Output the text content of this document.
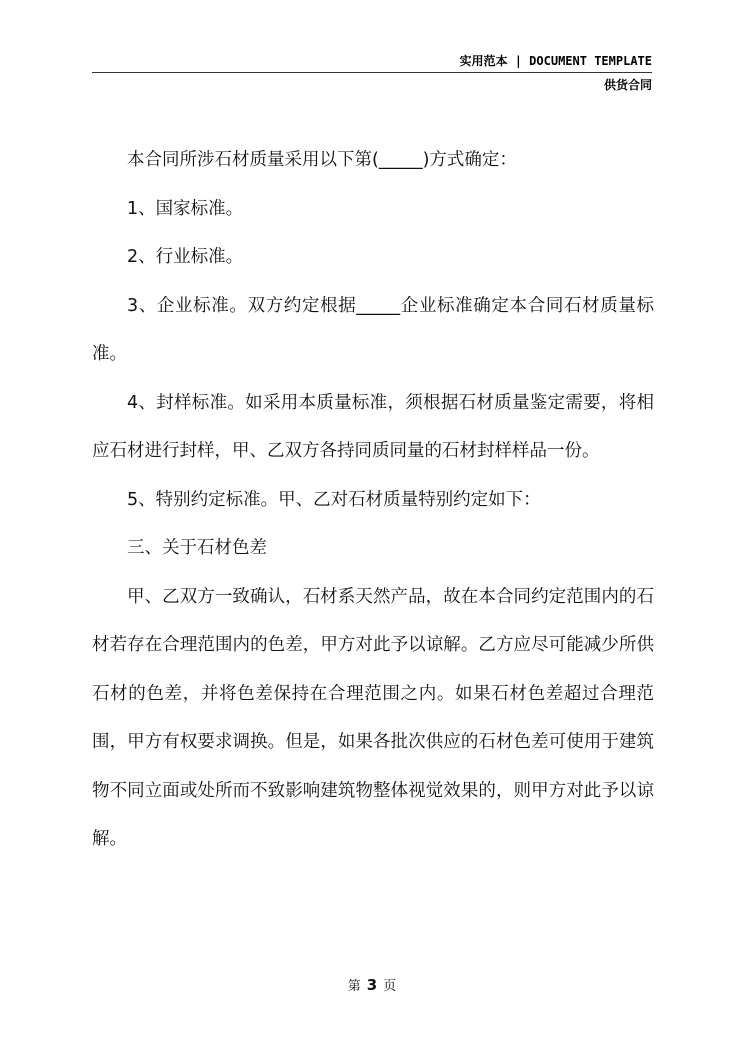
实用范本 | DOCUMENT TEMPLATE
供货合同

本合同所涉石材质量采用以下第(_____)方式确定：

1、国家标准。

2、行业标准。

3、企业标准。双方约定根据_____企业标准确定本合同石材质量标准。

4、封样标准。如采用本质量标准，须根据石材质量鉴定需要，将相应石材进行封样，甲、乙双方各持同质同量的石材封样样品一份。

5、特别约定标准。甲、乙对石材质量特别约定如下：

三、关于石材色差

甲、乙双方一致确认，石材系天然产品，故在本合同约定范围内的石材若存在合理范围内的色差，甲方对此予以谅解。乙方应尽可能减少所供石材的色差，并将色差保持在合理范围之内。如果石材色差超过合理范围，甲方有权要求调换。但是，如果各批次供应的石材色差可使用于建筑物不同立面或处所而不致影响建筑物整体视觉效果的，则甲方对此予以谅解。

第 3 页
